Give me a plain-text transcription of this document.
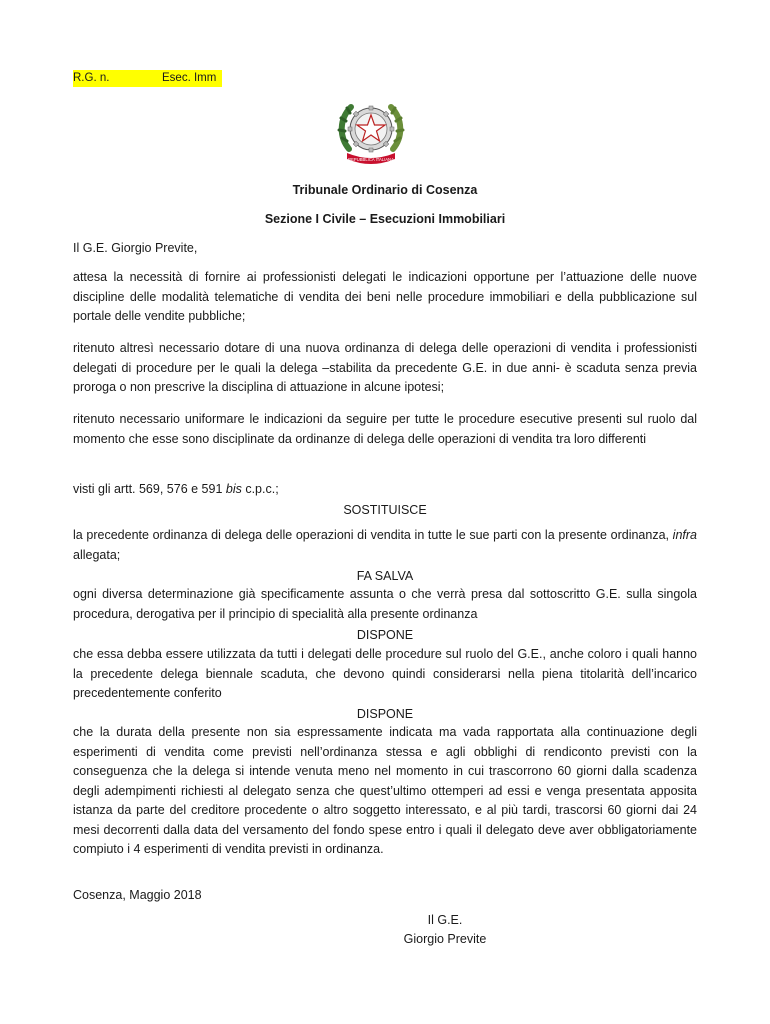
R.G. n.	Esec. Imm
REPUBBLICA ITALIANA
Tribunale Ordinario di Cosenza
Sezione I Civile – Esecuzioni Immobiliari
Il G.E. Giorgio Previte,
attesa la necessità di fornire ai professionisti delegati le indicazioni opportune per l’attuazione delle nuove discipline delle modalità telematiche di vendita dei beni nelle procedure immobiliari e della pubblicazione sul portale delle vendite pubbliche;
ritenuto altresì necessario dotare di una nuova ordinanza di delega delle operazioni di vendita i professionisti delegati di procedure per le quali la delega –stabilita da precedente G.E. in due anni- è scaduta senza previa proroga o non prescrive la disciplina di attuazione in alcune ipotesi;
ritenuto necessario uniformare le indicazioni da seguire per tutte le procedure esecutive presenti sul ruolo dal momento che esse sono disciplinate da ordinanze di delega delle operazioni di vendita tra loro differenti
visti gli artt. 569, 576 e 591 bis c.p.c.;
SOSTITUISCE
la precedente ordinanza di delega delle operazioni di vendita in tutte le sue parti con la presente ordinanza, infra allegata;
FA SALVA
ogni diversa determinazione già specificamente assunta o che verrà presa dal sottoscritto G.E. sulla singola procedura, derogativa per il principio di specialità alla presente ordinanza
DISPONE
che essa debba essere utilizzata da tutti i delegati delle procedure sul ruolo del G.E., anche coloro i quali hanno la precedente delega biennale scaduta, che devono quindi considerarsi nella piena titolarità dell’incarico precedentemente conferito
DISPONE
che la durata della presente non sia espressamente indicata ma vada rapportata alla continuazione degli esperimenti di vendita come previsti nell’ordinanza stessa e agli obblighi di rendiconto previsti con la conseguenza che la delega si intende venuta meno nel momento in cui trascorrono 60 giorni dalla scadenza degli adempimenti richiesti al delegato senza che quest’ultimo ottemperi ad essi e venga presentata apposita istanza da parte del creditore procedente o altro soggetto interessato, e al più tardi, trascorsi 60 giorni dai 24 mesi decorrenti dalla data del versamento del fondo spese entro i quali il delegato deve aver obbligatoriamente compiuto i 4 esperimenti di vendita previsti in ordinanza.
Cosenza, Maggio 2018
Il G.E.
Giorgio Previte
